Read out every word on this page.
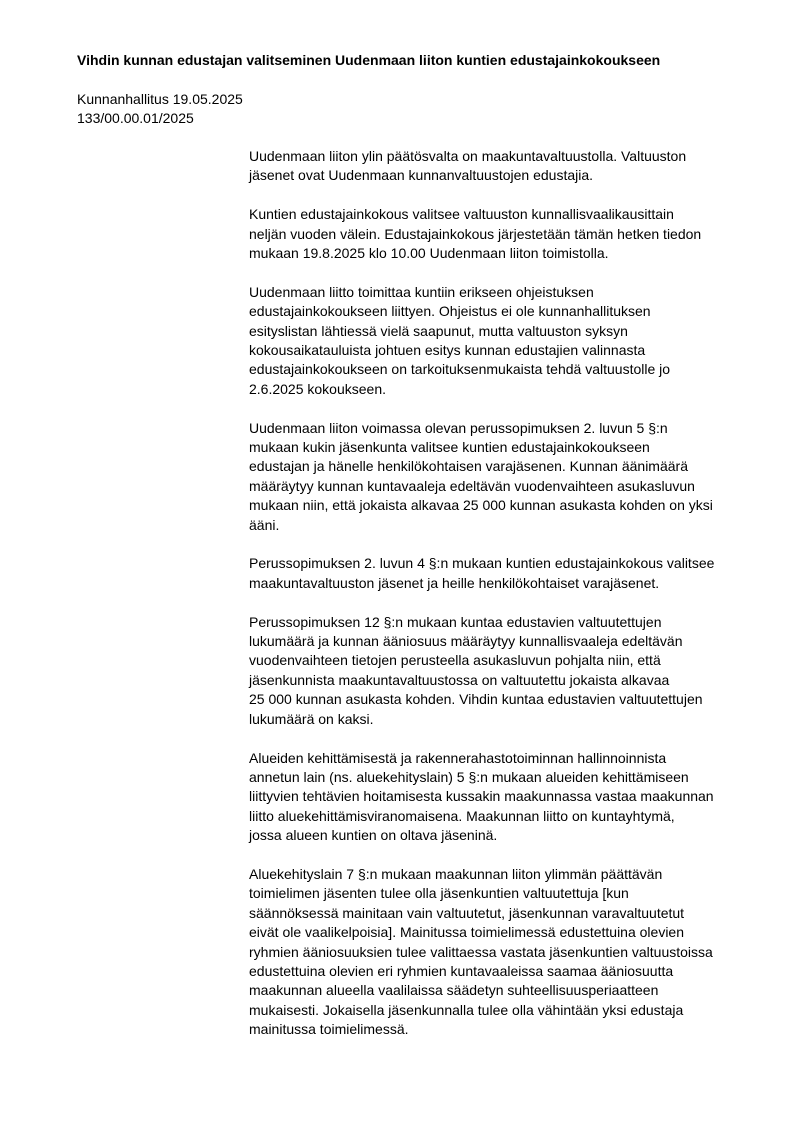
Vihdin kunnan edustajan valitseminen Uudenmaan liiton kuntien edustajainkokoukseen
Kunnanhallitus 19.05.2025
133/00.00.01/2025
Uudenmaan liiton ylin päätösvalta on maakuntavaltuustolla. Valtuuston
jäsenet ovat Uudenmaan kunnanvaltuustojen edustajia.
Kuntien edustajainkokous valitsee valtuuston kunnallisvaalikausittain
neljän vuoden välein. Edustajainkokous järjestetään tämän hetken tiedon
mukaan 19.8.2025 klo 10.00 Uudenmaan liiton toimistolla.
Uudenmaan liitto toimittaa kuntiin erikseen ohjeistuksen
edustajainkokoukseen liittyen. Ohjeistus ei ole kunnanhallituksen
esityslistan lähtiessä vielä saapunut, mutta valtuuston syksyn
kokousaikatauluista johtuen esitys kunnan edustajien valinnasta
edustajainkokoukseen on tarkoituksenmukaista tehdä valtuustolle jo
2.6.2025 kokoukseen.
Uudenmaan liiton voimassa olevan perussopimuksen 2. luvun 5 §:n
mukaan kukin jäsenkunta valitsee kuntien edustajainkokoukseen
edustajan ja hänelle henkilökohtaisen varajäsenen. Kunnan äänimäärä
määräytyy kunnan kuntavaaleja edeltävän vuodenvaihteen asukasluvun
mukaan niin, että jokaista alkavaa 25 000 kunnan asukasta kohden on yksi
ääni.
Perussopimuksen 2. luvun 4 §:n mukaan kuntien edustajainkokous valitsee
maakuntavaltuuston jäsenet ja heille henkilökohtaiset varajäsenet.
Perussopimuksen 12 §:n mukaan kuntaa edustavien valtuutettujen
lukumäärä ja kunnan ääniosuus määräytyy kunnallisvaaleja edeltävän
vuodenvaihteen tietojen perusteella asukasluvun pohjalta niin, että
jäsenkunnista maakuntavaltuustossa on valtuutettu jokaista alkavaa
25 000 kunnan asukasta kohden. Vihdin kuntaa edustavien valtuutettujen
lukumäärä on kaksi.
Alueiden kehittämisestä ja rakennerahastotoiminnan hallinnoinnista
annetun lain (ns. aluekehityslain) 5 §:n mukaan alueiden kehittämiseen
liittyvien tehtävien hoitamisesta kussakin maakunnassa vastaa maakunnan
liitto aluekehittämisviranomaisena. Maakunnan liitto on kuntayhtymä,
jossa alueen kuntien on oltava jäseninä.
Aluekehityslain 7 §:n mukaan maakunnan liiton ylimmän päättävän
toimielimen jäsenten tulee olla jäsenkuntien valtuutettuja [kun
säännöksessä mainitaan vain valtuutetut, jäsenkunnan varavaltuutetut
eivät ole vaalikelpoisia]. Mainitussa toimielimessä edustettuina olevien
ryhmien ääniosuuksien tulee valittaessa vastata jäsenkuntien valtuustoissa
edustettuina olevien eri ryhmien kuntavaaleissa saamaa ääniosuutta
maakunnan alueella vaalilaissa säädetyn suhteellisuusperiaatteen
mukaisesti. Jokaisella jäsenkunnalla tulee olla vähintään yksi edustaja
mainitussa toimielimessä.
